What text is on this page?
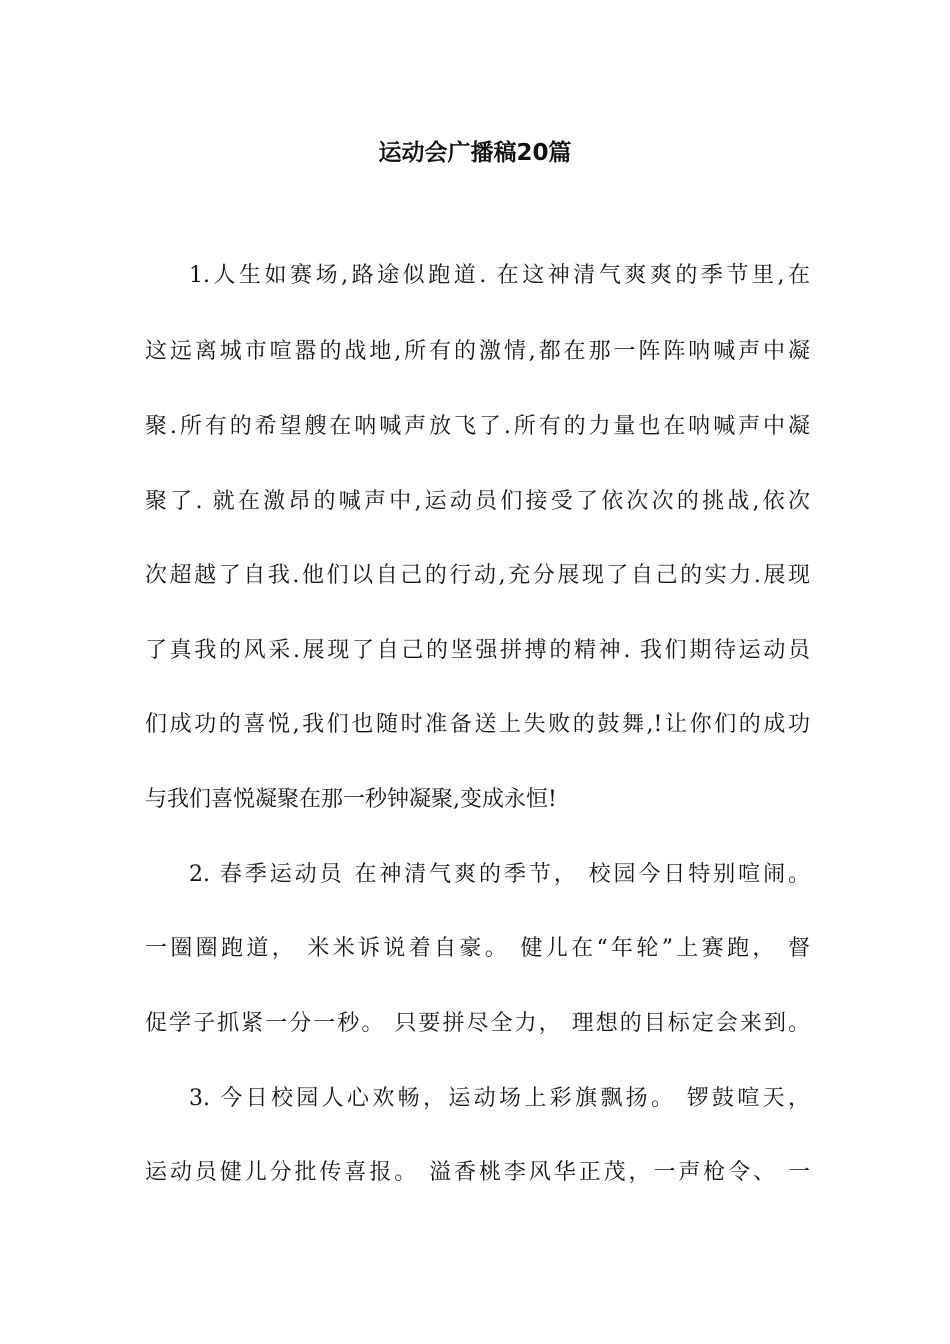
运动会广播稿20篇

1.人生如赛场,路途似跑道. 在这神清气爽爽的季节里,在

这远离城市喧嚣的战地,所有的激情,都在那一阵阵呐喊声中凝

聚.所有的希望艘在呐喊声放飞了.所有的力量也在呐喊声中凝

聚了. 就在激昂的喊声中,运动员们接受了依次次的挑战,依次

次超越了自我.他们以自己的行动,充分展现了自己的实力.展现

了真我的风采.展现了自己的坚强拼搏的精神. 我们期待运动员

们成功的喜悦,我们也随时准备送上失败的鼓舞,!让你们的成功

与我们喜悦凝聚在那一秒钟凝聚,变成永恒!

2. 春季运动员 在神清气爽的季节， 校园今日特别喧闹。

一圈圈跑道， 米米诉说着自豪。 健儿在“年轮”上赛跑， 督

促学子抓紧一分一秒。 只要拼尽全力， 理想的目标定会来到。

3. 今日校园人心欢畅，运动场上彩旗飘扬。 锣鼓喧天，

运动员健儿分批传喜报。 溢香桃李风华正茂，一声枪令、 一
